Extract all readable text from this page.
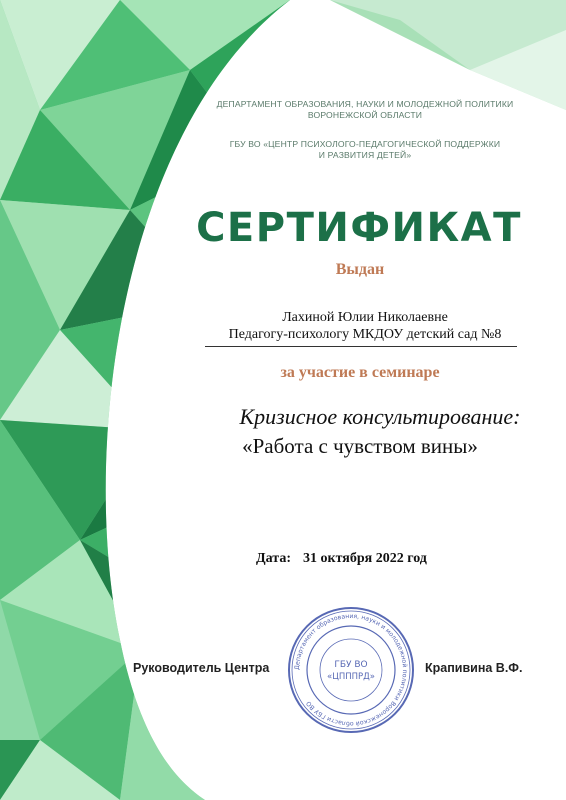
ДЕПАРТАМЕНТ ОБРАЗОВАНИЯ, НАУКИ И МОЛОДЕЖНОЙ ПОЛИТИКИ
ВОРОНЕЖСКОЙ ОБЛАСТИ
ГБУ ВО «ЦЕНТР ПСИХОЛОГО-ПЕДАГОГИЧЕСКОЙ ПОДДЕРЖКИ
И РАЗВИТИЯ ДЕТЕЙ»
СЕРТИФИКАТ
Выдан
Лахиной Юлии Николаевне
Педагогу-психологу МКДОУ детский сад №8
за участие в семинаре
Кризисное консультирование:
«Работа с чувством вины»
Дата: 31 октября 2022 год
Департамент образования, науки и молодежной политики Воронежской области ГБУ ВО
ГБУ ВО
«ЦПППРД»
Руководитель Центра	Крапивина В.Ф.
